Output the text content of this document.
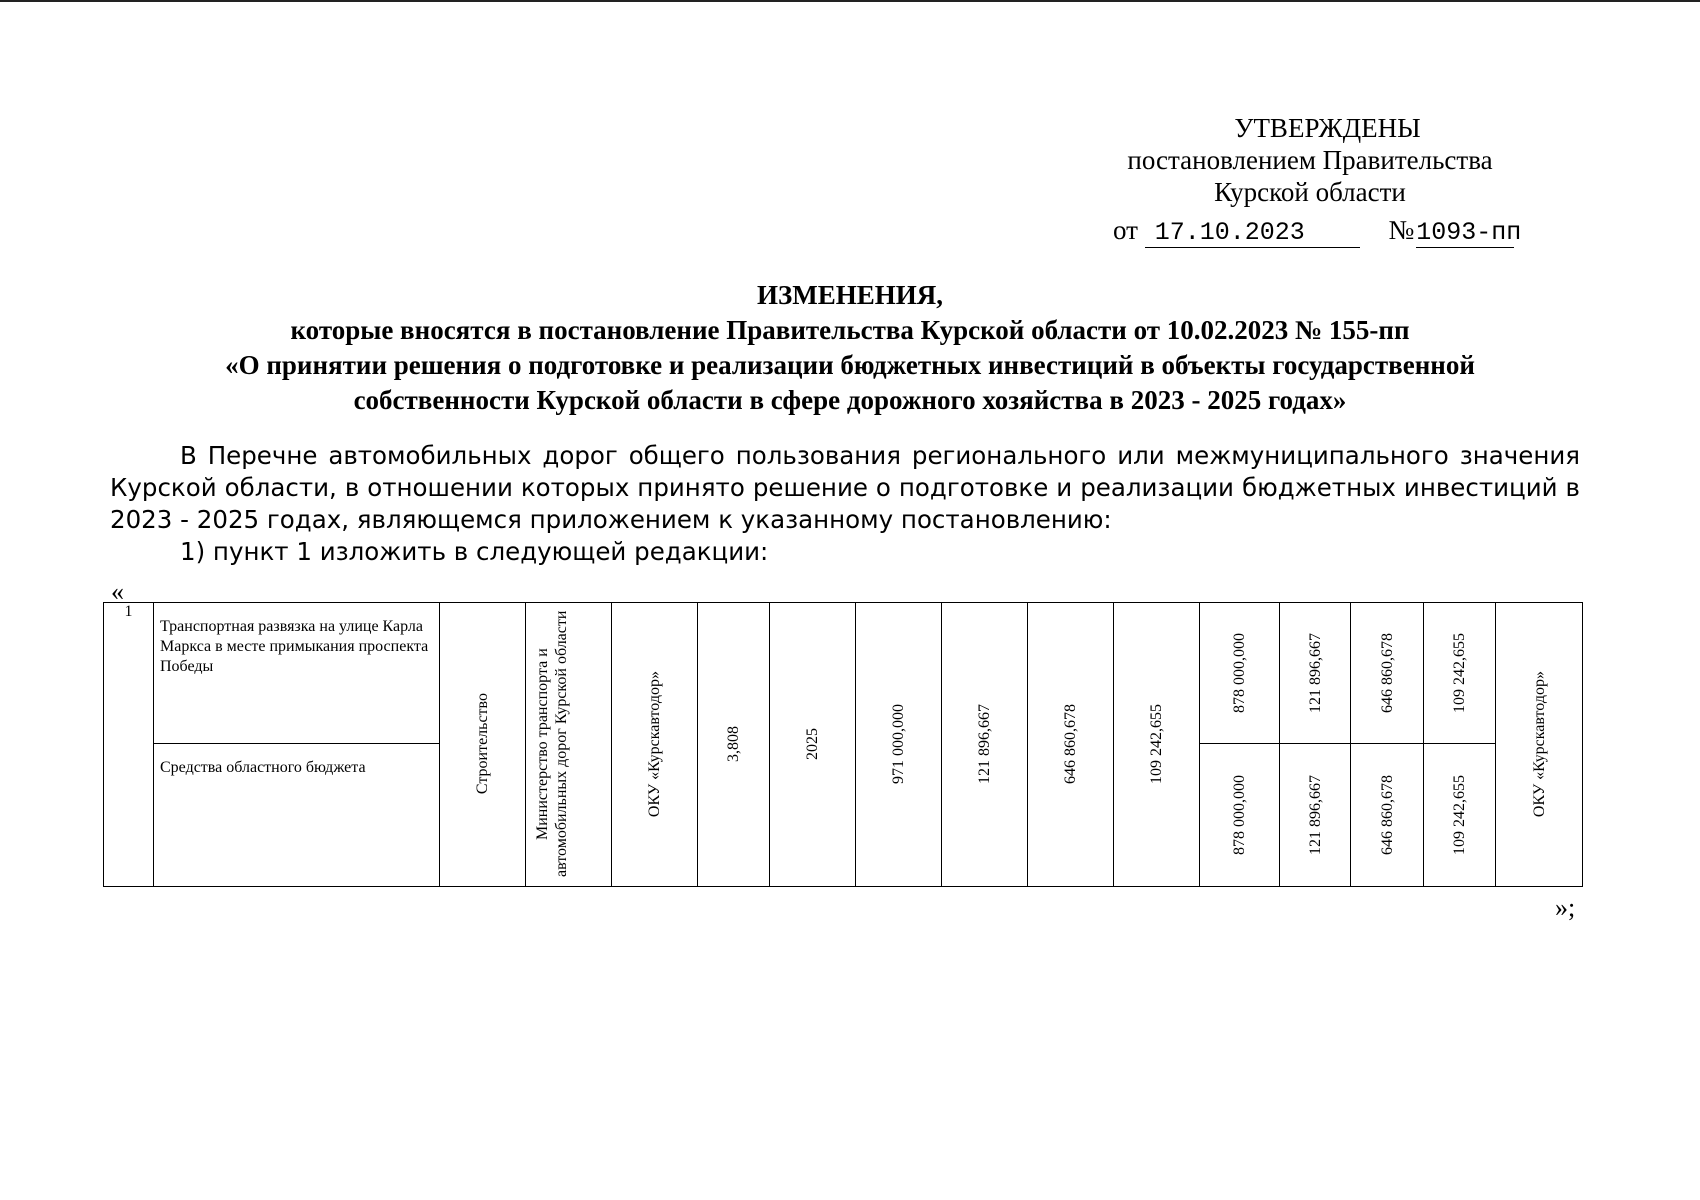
УТВЕРЖДЕНЫ
постановлением Правительства
Курской области
от 17.10.2023	№1093-пп
ИЗМЕНЕНИЯ,
которые вносятся в постановление Правительства Курской области от 10.02.2023 № 155-пп
«О принятии решения о подготовке и реализации бюджетных инвестиций в объекты государственной
собственности Курской области в сфере дорожного хозяйства в 2023 - 2025 годах»

В Перечне автомобильных дорог общего пользования регионального или межмуниципального значения Курской области, в отношении которых принято решение о подготовке и реализации бюджетных инвестиций в 2023 - 2025 годах, являющемся приложением к указанному постановлению:

1) пункт 1 изложить в следующей редакции:

«
1	Транспортная развязка на улице Карла Маркса в месте примыкания проспекта Победы	Строительство	Министерство транспорта и автомобильных дорог Курской области	ОКУ «Курскавтодор»	3,808	2025	971 000,000	121 896,667	646 860,678	109 242,655	878 000,000	121 896,667	646 860,678	109 242,655	ОКУ «Курскавтодор»

	Средства областного бюджета										878 000,000	121 896,667	646 860,678	109 242,655	
»;
